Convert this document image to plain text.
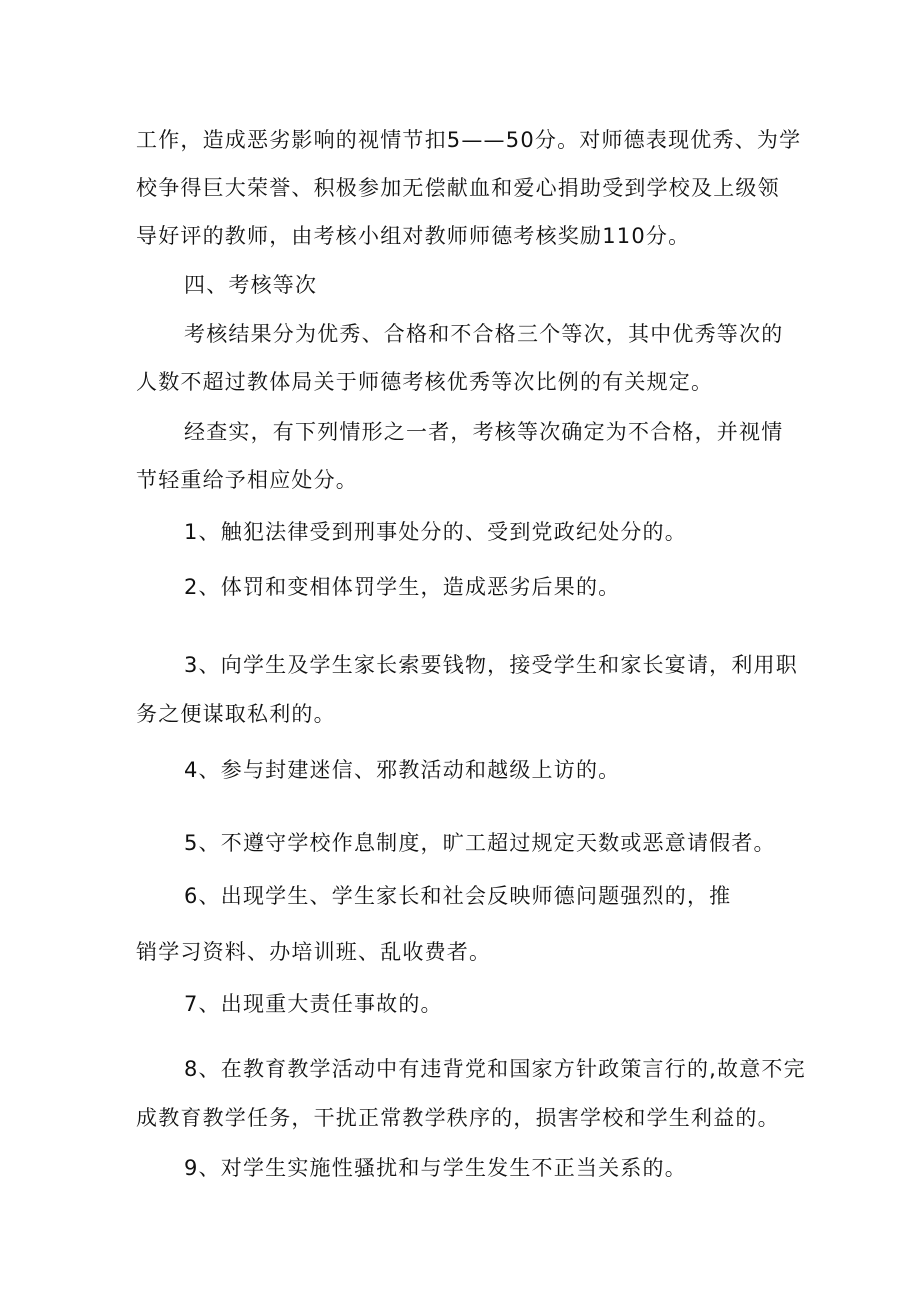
工作，造成恶劣影响的视情节扣5——50分。对师德表现优秀、为学
校争得巨大荣誉、积极参加无偿献血和爱心捐助受到学校及上级领
导好评的教师，由考核小组对教师师德考核奖励110分。
四、考核等次
考核结果分为优秀、合格和不合格三个等次，其中优秀等次的
人数不超过教体局关于师德考核优秀等次比例的有关规定。
经查实，有下列情形之一者，考核等次确定为不合格，并视情
节轻重给予相应处分。
1、触犯法律受到刑事处分的、受到党政纪处分的。
2、体罚和变相体罚学生，造成恶劣后果的。
3、向学生及学生家长索要钱物，接受学生和家长宴请，利用职
务之便谋取私利的。
4、参与封建迷信、邪教活动和越级上访的。
5、不遵守学校作息制度，旷工超过规定天数或恶意请假者。
6、出现学生、学生家长和社会反映师德问题强烈的，推
销学习资料、办培训班、乱收费者。
7、出现重大责任事故的。
8、在教育教学活动中有违背党和国家方针政策言行的,故意不完
成教育教学任务，干扰正常教学秩序的，损害学校和学生利益的。
9、对学生实施性骚扰和与学生发生不正当关系的。
